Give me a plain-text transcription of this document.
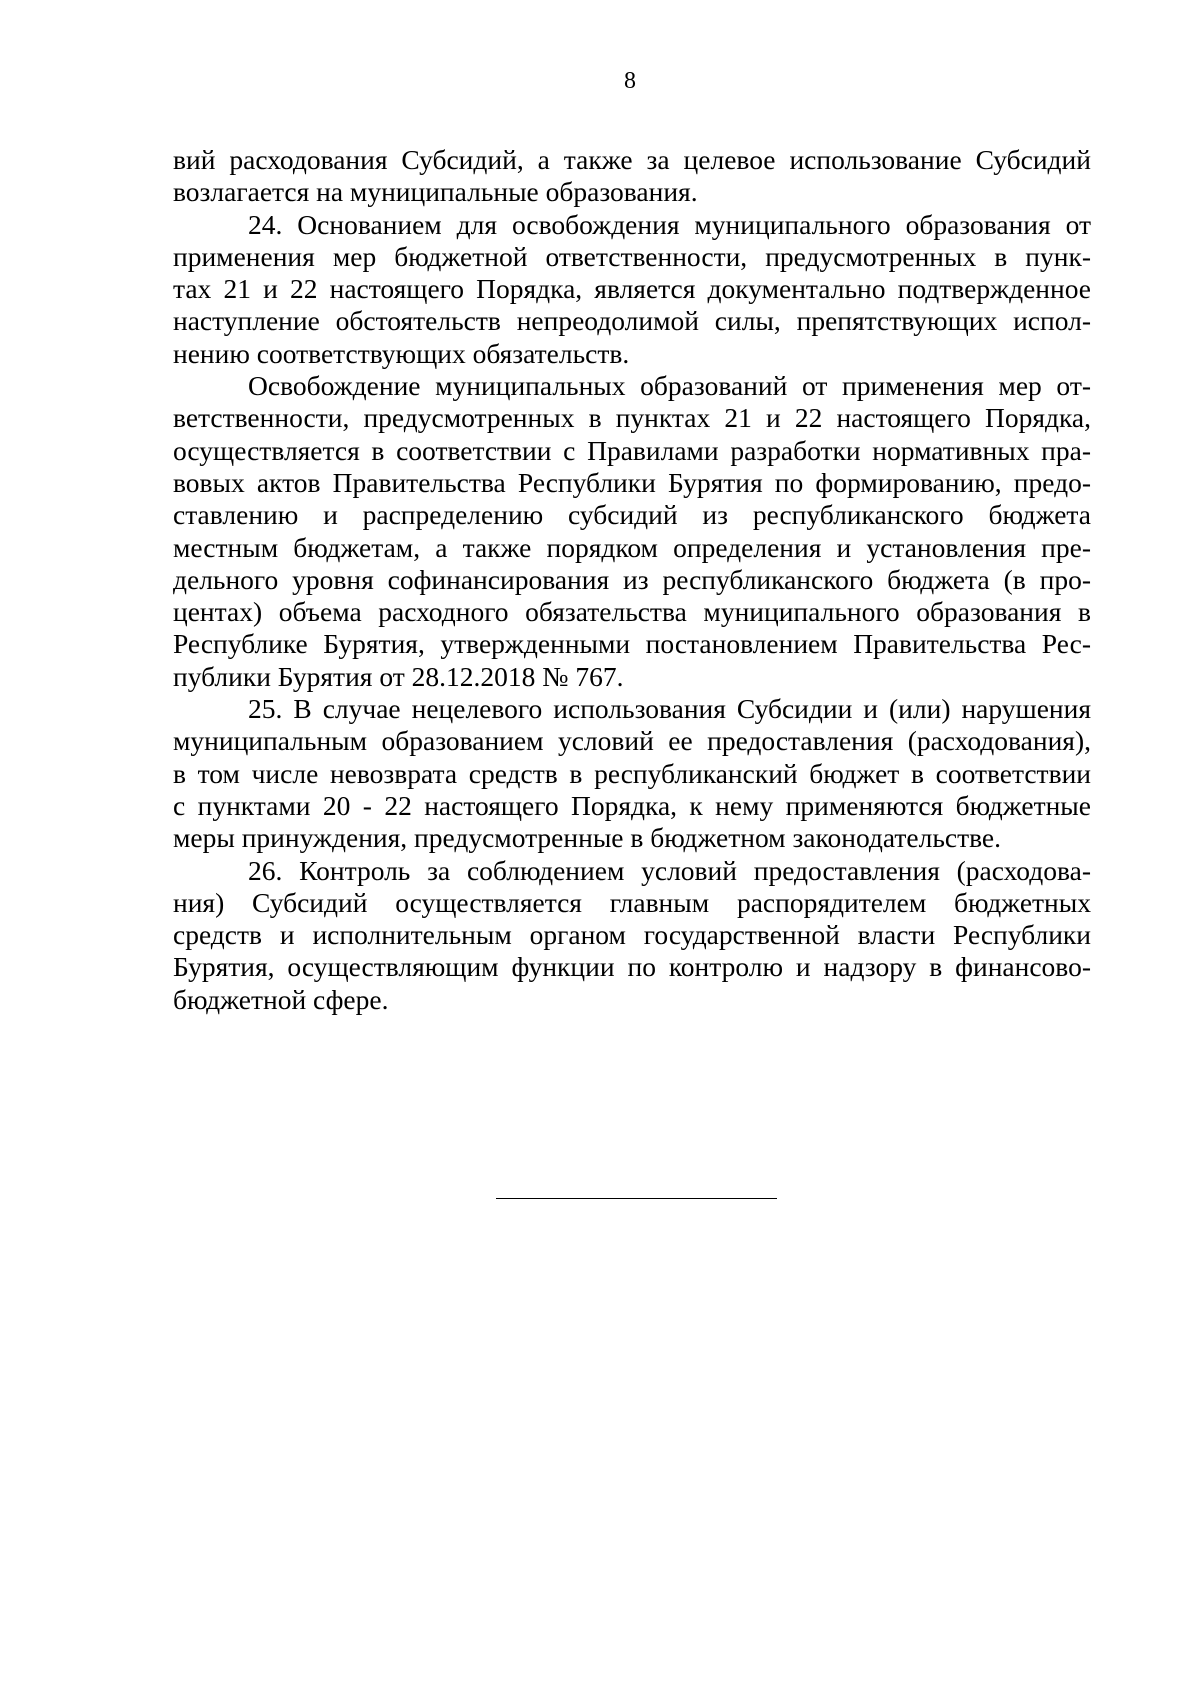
8

вий расходования Субсидий, а также за целевое использование Субсидий
возлагается на муниципальные образования.

24. Основанием для освобождения муниципального образования от
применения мер бюджетной ответственности, предусмотренных в пунк-
тах 21 и 22 настоящего Порядка, является документально подтвержденное
наступление обстоятельств непреодолимой силы, препятствующих испол-
нению соответствующих обязательств.

Освобождение муниципальных образований от применения мер от-
ветственности, предусмотренных в пунктах 21 и 22 настоящего Порядка,
осуществляется в соответствии с Правилами разработки нормативных пра-
вовых актов Правительства Республики Бурятия по формированию, предо-
ставлению и распределению субсидий из республиканского бюджета
местным бюджетам, а также порядком определения и установления пре-
дельного уровня софинансирования из республиканского бюджета (в про-
центах) объема расходного обязательства муниципального образования в
Республике Бурятия, утвержденными постановлением Правительства Рес-
публики Бурятия от 28.12.2018 № 767.

25. В случае нецелевого использования Субсидии и (или) нарушения
муниципальным образованием условий ее предоставления (расходования),
в том числе невозврата средств в республиканский бюджет в соответствии
с пунктами 20 - 22 настоящего Порядка, к нему применяются бюджетные
меры принуждения, предусмотренные в бюджетном законодательстве.

26. Контроль за соблюдением условий предоставления (расходова-
ния) Субсидий осуществляется главным распорядителем бюджетных
средств и исполнительным органом государственной власти Республики
Бурятия, осуществляющим функции по контролю и надзору в финансово-
бюджетной сфере.
